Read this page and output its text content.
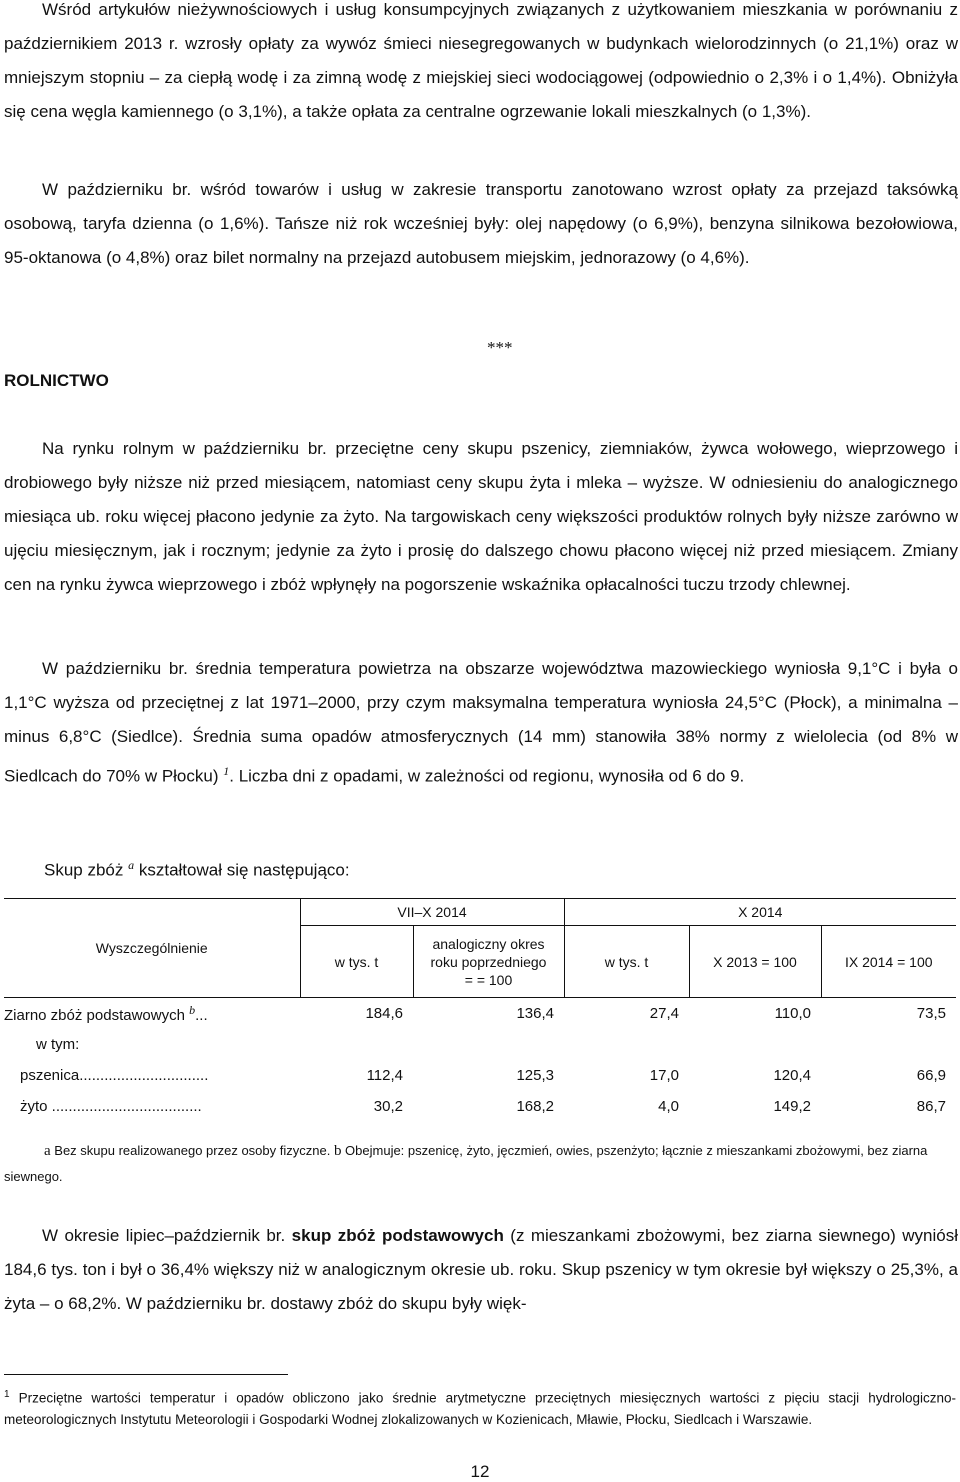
Wśród artykułów nieżywnościowych i usług konsumpcyjnych związanych z użytkowaniem mieszkania w porównaniu z październikiem 2013 r. wzrosły opłaty za wywóz śmieci niesegregowanych w budynkach wielorodzinnych (o 21,1%) oraz w mniejszym stopniu – za ciepłą wodę i za zimną wodę z miejskiej sieci wodociągowej (odpowiednio o 2,3% i o 1,4%). Obniżyła się cena węgla kamiennego (o 3,1%), a także opłata za centralne ogrzewanie lokali mieszkalnych (o 1,3%).

W październiku br. wśród towarów i usług w zakresie transportu zanotowano wzrost opłaty za przejazd taksówką osobową, taryfa dzienna (o 1,6%). Tańsze niż rok wcześniej były: olej napędowy (o 6,9%), benzyna silnikowa bezołowiowa, 95-oktanowa (o 4,8%) oraz bilet normalny na przejazd autobusem miejskim, jednorazowy (o 4,6%).

***
ROLNICTWO

Na rynku rolnym w październiku br. przeciętne ceny skupu pszenicy, ziemniaków, żywca wołowego, wieprzowego i drobiowego były niższe niż przed miesiącem, natomiast ceny skupu żyta i mleka – wyższe. W odniesieniu do analogicznego miesiąca ub. roku więcej płacono jedynie za żyto. Na targowiskach ceny większości produktów rolnych były niższe zarówno w ujęciu miesięcznym, jak i rocznym; jedynie za żyto i prosię do dalszego chowu płacono więcej niż przed miesiącem. Zmiany cen na rynku żywca wieprzowego i zbóż wpłynęły na pogorszenie wskaźnika opłacalności tuczu trzody chlewnej.

W październiku br. średnia temperatura powietrza na obszarze województwa mazowieckiego wyniosła 9,1°C i była o 1,1°C wyższa od przeciętnej z lat 1971–2000, przy czym maksymalna temperatura wyniosła 24,5°C (Płock), a minimalna – minus 6,8°C (Siedlce). Średnia suma opadów atmosferycznych (14 mm) stanowiła 38% normy z wielolecia (od 8% w Siedlcach do 70% w Płocku) $^1$. Liczba dni z opadami, w zależności od regionu, wynosiła od 6 do 9.

Skup zbóż $^a$ kształtował się następująco:
Wyszczególnienie	VII–X 2014		X 2014		
	w tys. t	analogiczny okres roku poprzedniego = = 100	w tys. t	X 2013 = 100	IX 2014 = 100
Ziarno zbóż podstawowych $^b$...	184,6	136,4	27,4	110,0	73,5
w tym:					
pszenica...............................	112,4	125,3	17,0	120,4	66,9
żyto ....................................	30,2	168,2	4,0	149,2	86,7
a Bez skupu realizowanego przez osoby fizyczne. b Obejmuje: pszenicę, żyto, jęczmień, owies, pszenżyto; łącznie z mieszankami zbożowymi, bez ziarna siewnego.

W okresie lipiec–październik br. skup zbóż podstawowych (z mieszankami zbożowymi, bez ziarna siewnego) wyniósł 184,6 tys. ton i był o 36,4% większy niż w analogicznym okresie ub. roku. Skup pszenicy w tym okresie był większy o 25,3%, a żyta – o 68,2%. W październiku br. dostawy zbóż do skupu były więk-

$^1$ Przeciętne wartości temperatur i opadów obliczono jako średnie arytmetyczne przeciętnych miesięcznych wartości z pięciu stacji hydrologiczno-meteorologicznych Instytutu Meteorologii i Gospodarki Wodnej zlokalizowanych w Kozienicach, Mławie, Płocku, Siedlcach i Warszawie.
12
